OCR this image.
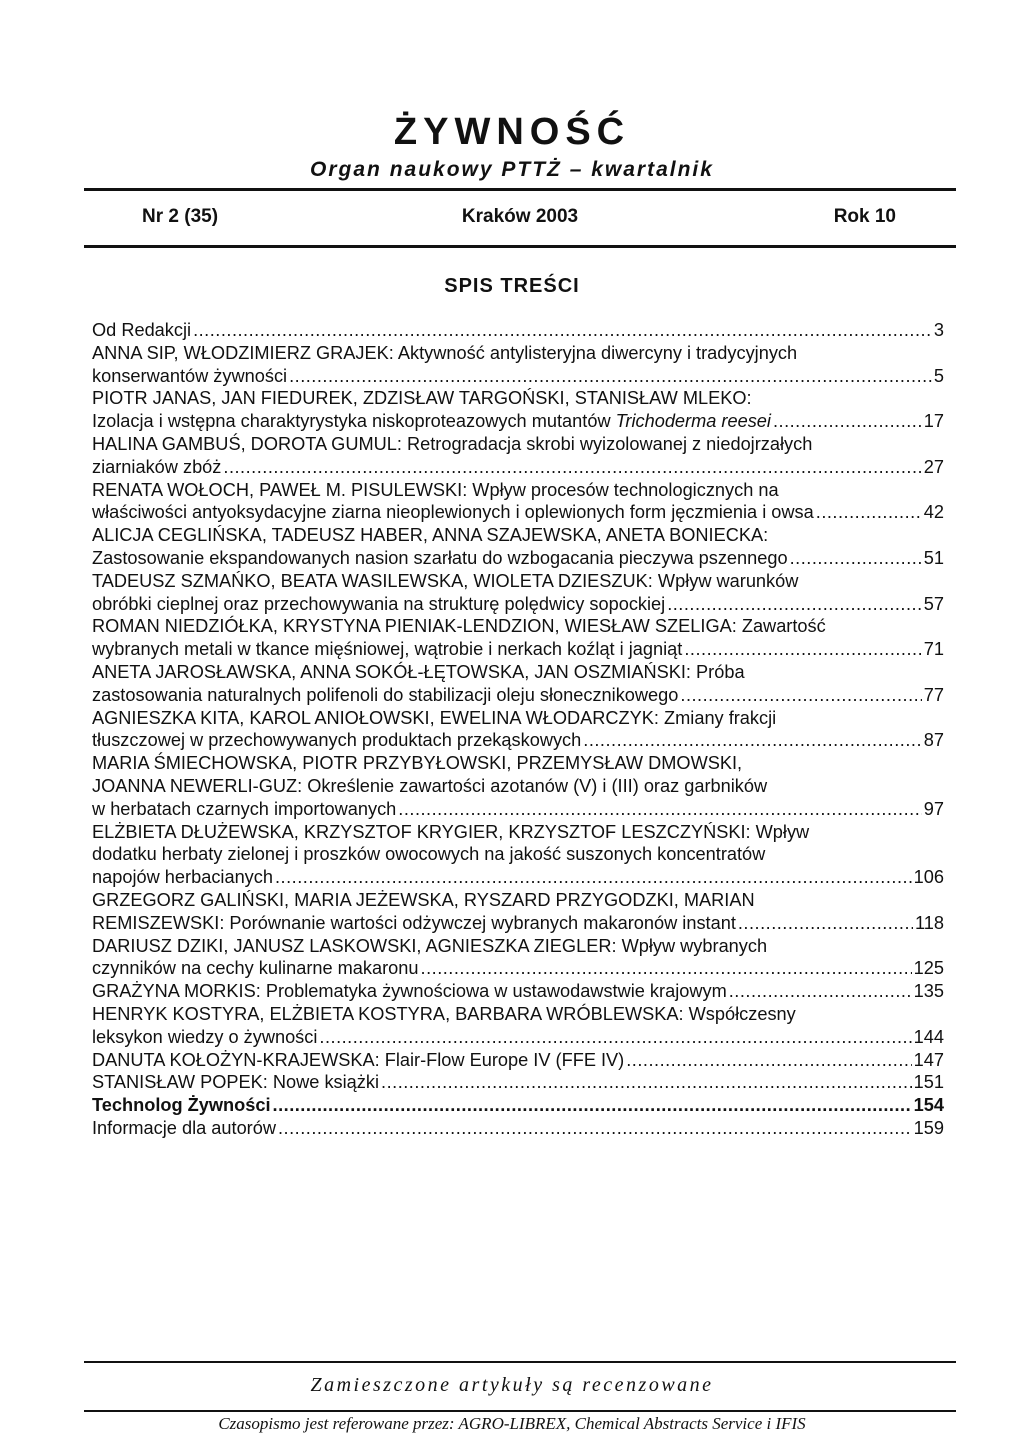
ŻYWNOŚĆ
Organ naukowy PTTŻ – kwartalnik
Nr 2 (35)	Kraków 2003	Rok 10
SPIS TREŚCI
Od Redakcji .....	3
ANNA SIP, WŁODZIMIERZ GRAJEK: Aktywność antylisteryjna diwercyny i tradycyjnych
konserwantów żywności .....	5
PIOTR JANAS, JAN FIEDUREK, ZDZISŁAW TARGOŃSKI, STANISŁAW MLEKO:
Izolacja i wstępna charaktyrystyka niskoproteazowych mutantów Trichoderma reesei .....	17
HALINA GAMBUŚ, DOROTA GUMUL: Retrogradacja skrobi wyizolowanej z niedojrzałych
ziarniaków zbóż .....	27
RENATA WOŁOCH, PAWEŁ M. PISULEWSKI: Wpływ procesów technologicznych na
właściwości antyoksydacyjne ziarna nieoplewionych i oplewionych form jęczmienia i owsa .....	42
ALICJA CEGLIŃSKA, TADEUSZ HABER, ANNA SZAJEWSKA, ANETA BONIECKA:
Zastosowanie ekspandowanych nasion szarłatu do wzbogacania pieczywa pszennego .....	51
TADEUSZ SZMAŃKO, BEATA WASILEWSKA, WIOLETA DZIESZUK: Wpływ warunków
obróbki cieplnej oraz przechowywania na strukturę polędwicy sopockiej .....	57
ROMAN NIEDZIÓŁKA, KRYSTYNA PIENIAK-LENDZION, WIESŁAW SZELIGA: Zawartość
wybranych metali w tkance mięśniowej, wątrobie i nerkach koźląt i jagniąt .....	71
ANETA JAROSŁAWSKA, ANNA SOKÓŁ-ŁĘTOWSKA, JAN OSZMIAŃSKI: Próba
zastosowania naturalnych polifenoli do stabilizacji oleju słonecznikowego .....	77
AGNIESZKA KITA, KAROL ANIOŁOWSKI, EWELINA WŁODARCZYK: Zmiany frakcji
tłuszczowej w przechowywanych produktach przekąskowych .....	87
MARIA ŚMIECHOWSKA, PIOTR PRZYBYŁOWSKI, PRZEMYSŁAW DMOWSKI,
JOANNA NEWERLI-GUZ: Określenie zawartości azotanów (V) i (III) oraz garbników
w herbatach czarnych importowanych .....	97
ELŻBIETA DŁUŻEWSKA, KRZYSZTOF KRYGIER, KRZYSZTOF LESZCZYŃSKI: Wpływ
dodatku herbaty zielonej i proszków owocowych na jakość suszonych koncentratów
napojów herbacianych .....	106
GRZEGORZ GALIŃSKI, MARIA JEŻEWSKA, RYSZARD PRZYGODZKI, MARIAN
REMISZEWSKI: Porównanie wartości odżywczej wybranych makaronów instant .....	118
DARIUSZ DZIKI, JANUSZ LASKOWSKI, AGNIESZKA ZIEGLER: Wpływ wybranych
czynników na cechy kulinarne makaronu .....	125
GRAŻYNA MORKIS: Problematyka żywnościowa w ustawodawstwie krajowym .....	135
HENRYK KOSTYRA, ELŻBIETA KOSTYRA, BARBARA WRÓBLEWSKA: Współczesny
leksykon wiedzy o żywności .....	144
DANUTA KOŁOŻYN-KRAJEWSKA: Flair-Flow Europe IV (FFE IV) .....	147
STANISŁAW POPEK: Nowe książki .....	151
Technolog Żywności .....	154
Informacje dla autorów .....	159
Zamieszczone artykuły są recenzowane
Czasopismo jest referowane przez: AGRO-LIBREX, Chemical Abstracts Service i IFIS
